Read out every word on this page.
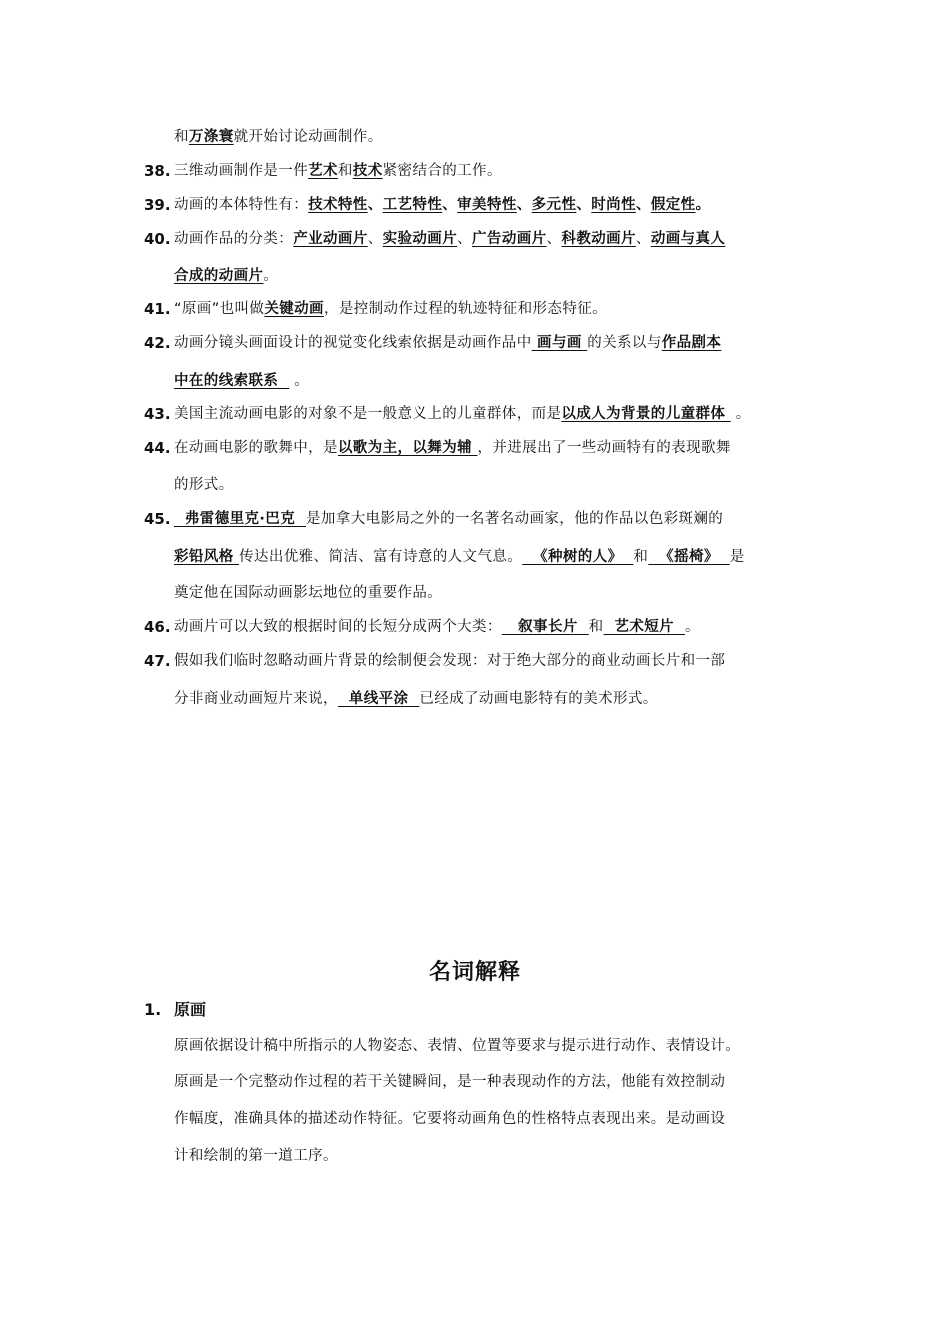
和万涤寰就开始讨论动画制作。
38. 三维动画制作是一件艺术和技术紧密结合的工作。
39. 动画的本体特性有：技术特性、工艺特性、审美特性、多元性、时尚性、假定性。
40. 动画作品的分类：产业动画片、实验动画片、广告动画片、科教动画片、动画与真人
合成的动画片。
41. “原画”也叫做关键动画，是控制动作过程的轨迹特征和形态特征。
42. 动画分镜头画面设计的视觉变化线索依据是动画作品中 画与画 的关系以与作品剧本
中在的线索联系   。
43. 美国主流动画电影的对象不是一般意义上的儿童群体，而是以成人为背景的儿童群体  。
44. 在动画电影的歌舞中，是以歌为主，以舞为辅 ，并进展出了一些动画特有的表现歌舞
的形式。
45. 弗雷德里克·巴克  是加拿大电影局之外的一名著名动画家，他的作品以色彩斑斓的
彩铅风格 传达出优雅、简洁、富有诗意的人文气息。  《种树的人》  和  《摇椅》  是
奠定他在国际动画影坛地位的重要作品。
46. 动画片可以大致的根据时间的长短分成两个大类：   叙事长片  和  艺术短片  。
47. 假如我们临时忽略动画片背景的绘制便会发现：对于绝大部分的商业动画长片和一部
分非商业动画短片来说，  单线平涂  已经成了动画电影特有的美术形式。
名词解释
1. 原画
原画依据设计稿中所指示的人物姿态、表情、位置等要求与提示进行动作、表情设计。
原画是一个完整动作过程的若干关键瞬间，是一种表现动作的方法，他能有效控制动
作幅度，准确具体的描述动作特征。它要将动画角色的性格特点表现出来。是动画设
计和绘制的第一道工序。
